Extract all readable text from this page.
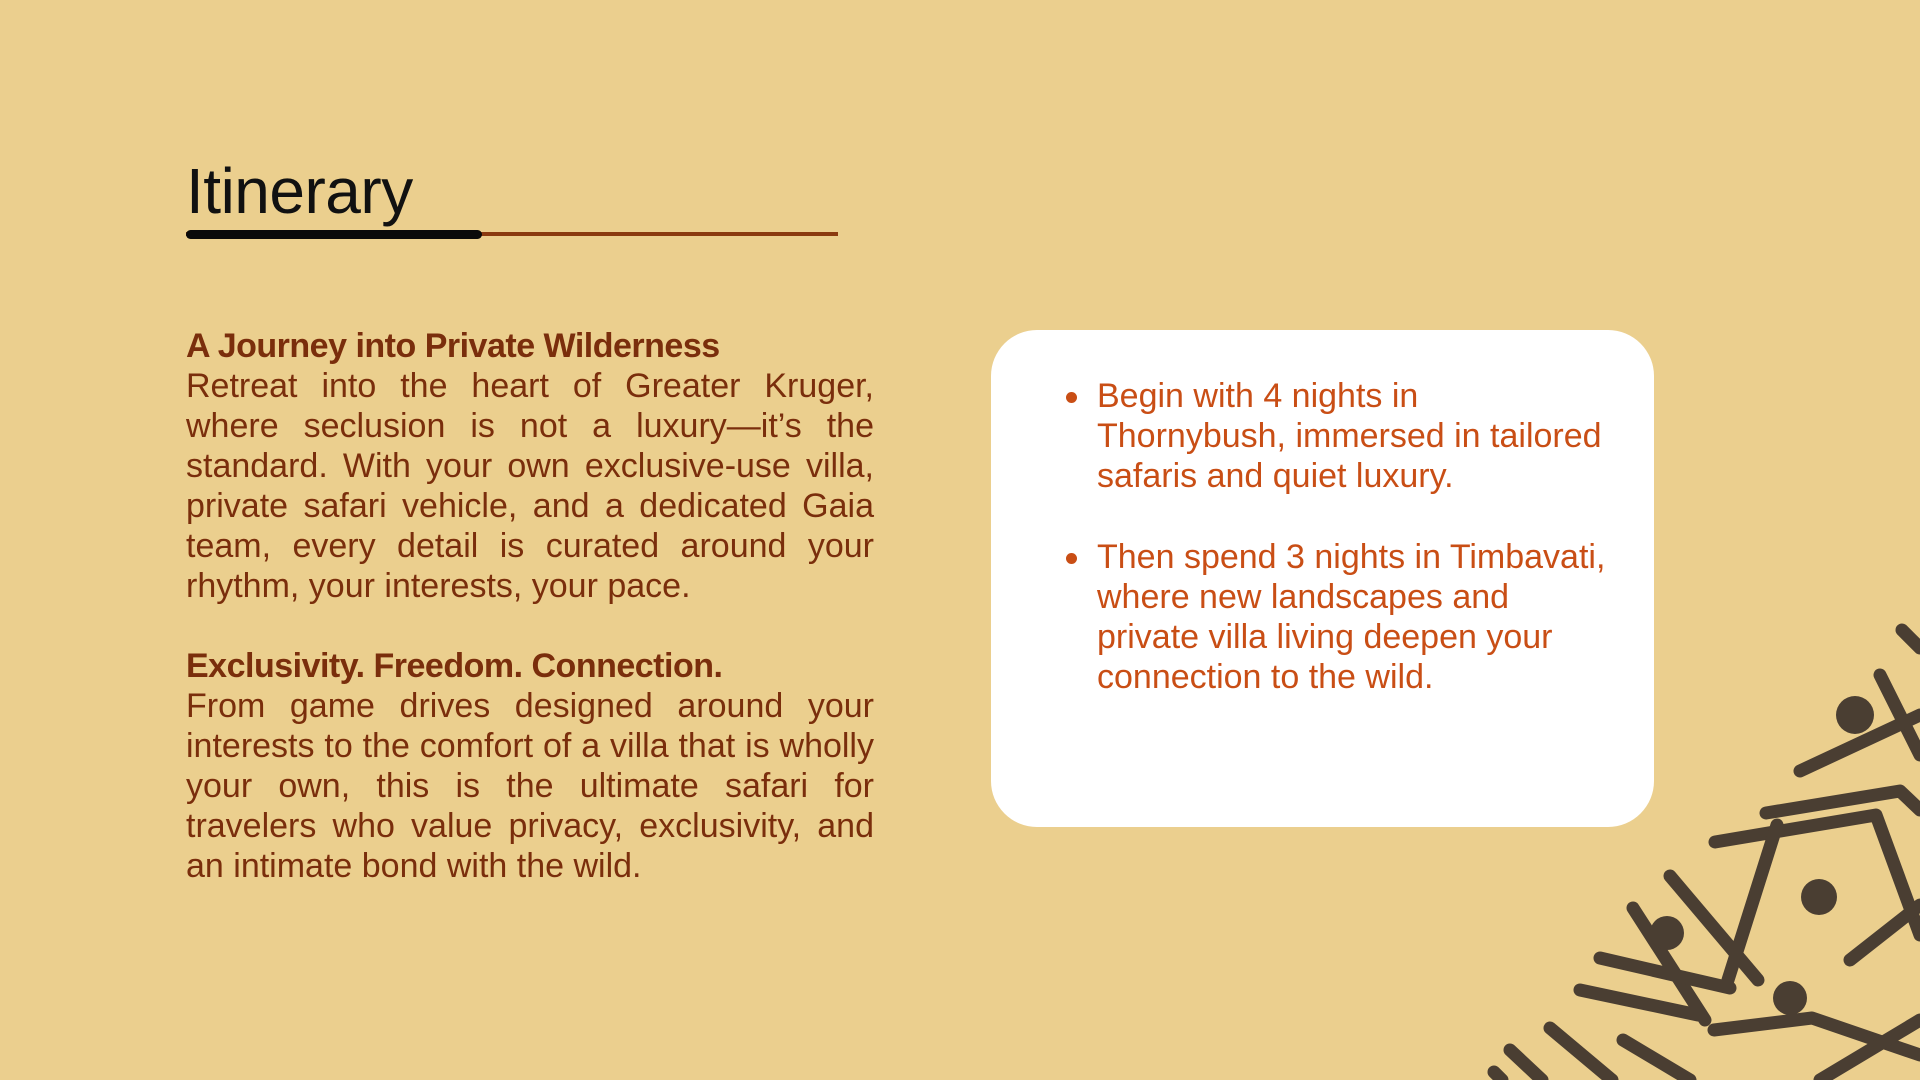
Itinerary

A Journey into Private Wilderness

Retreat into the heart of Greater Kruger, where seclusion is not a luxury—it’s the standard. With your own exclusive-use villa, private safari vehicle, and a dedicated Gaia team, every detail is curated around your rhythm, your interests, your pace.

Exclusivity. Freedom. Connection.

From game drives designed around your interests to the comfort of a villa that is wholly your own, this is the ultimate safari for travelers who value privacy, exclusivity, and an intimate bond with the wild.

Begin with 4 nights in Thornybush, immersed in tailored safaris and quiet luxury.
Then spend 3 nights in Timbavati, where new landscapes and private villa living deepen your connection to the wild.
